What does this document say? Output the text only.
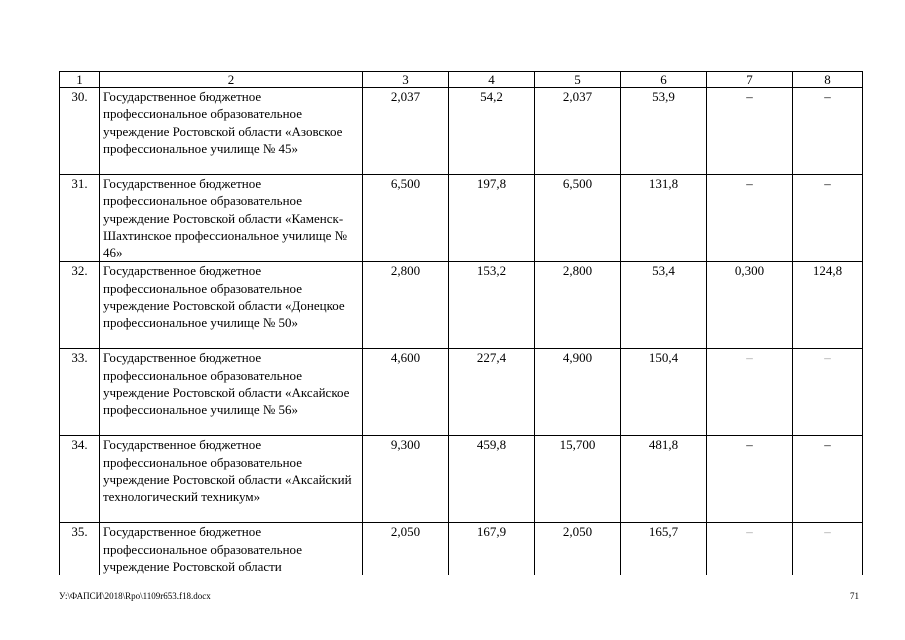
1	2	3	4	5	6	7	8
30.	Государственное бюджетное профессиональное образовательное учреждение Ростовской области «Азовское профессиональное училище № 45»	2,037	54,2	2,037	53,9	–	–
31.	Государственное бюджетное профессиональное образовательное учреждение Ростовской области «Каменск-Шахтинское профессиональное училище № 46»	6,500	197,8	6,500	131,8	–	–
32.	Государственное бюджетное профессиональное образовательное учреждение Ростовской области «Донецкое профессиональное училище № 50»	2,800	153,2	2,800	53,4	0,300	124,8
33.	Государственное бюджетное профессиональное образовательное учреждение Ростовской области «Аксайское профессиональное училище № 56»	4,600	227,4	4,900	150,4	–	–
34.	Государственное бюджетное профессиональное образовательное учреждение Ростовской области «Аксайский технологический техникум»	9,300	459,8	15,700	481,8	–	–
35.	Государственное бюджетное профессиональное образовательное учреждение Ростовской области	2,050	167,9	2,050	165,7	–	–
У:\ФАПСИ\2018\Rpo\1109r653.f18.docx	71
